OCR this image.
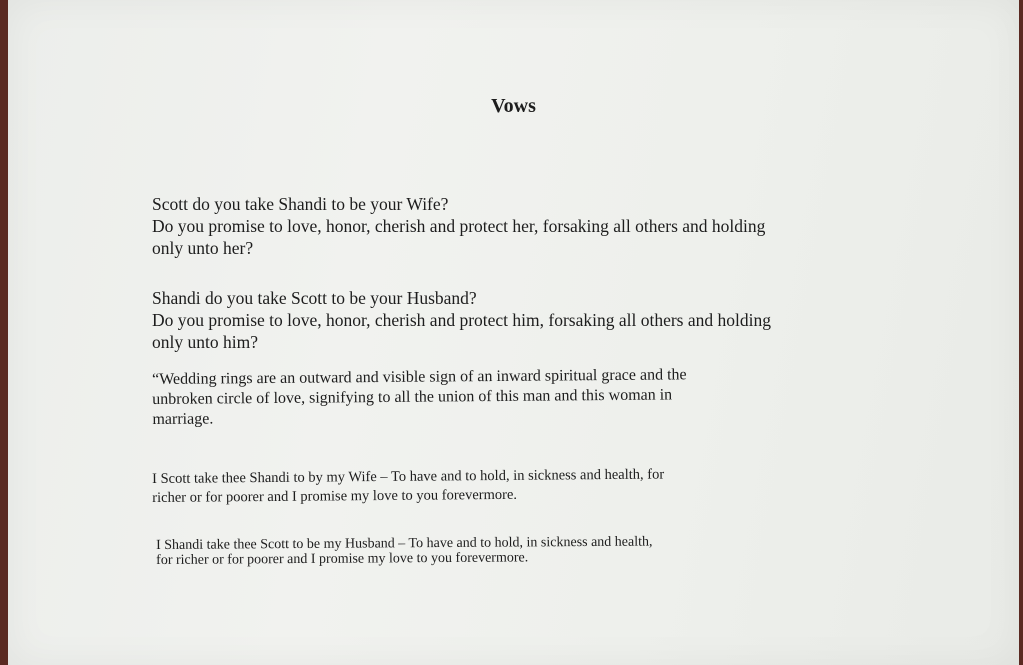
Vows

Scott do you take Shandi to be your Wife?
Do you promise to love, honor, cherish and protect her, forsaking all others and holding
only unto her?

Shandi do you take Scott to be your Husband?
Do you promise to love, honor, cherish and protect him, forsaking all others and holding
only unto him?

“Wedding rings are an outward and visible sign of an inward spiritual grace and the
unbroken circle of love, signifying to all the union of this man and this woman in
marriage.

I Scott take thee Shandi to by my Wife – To have and to hold, in sickness and health, for
richer or for poorer and I promise my love to you forevermore.

I Shandi take thee Scott to be my Husband – To have and to hold, in sickness and health,
for richer or for poorer and I promise my love to you forevermore.
